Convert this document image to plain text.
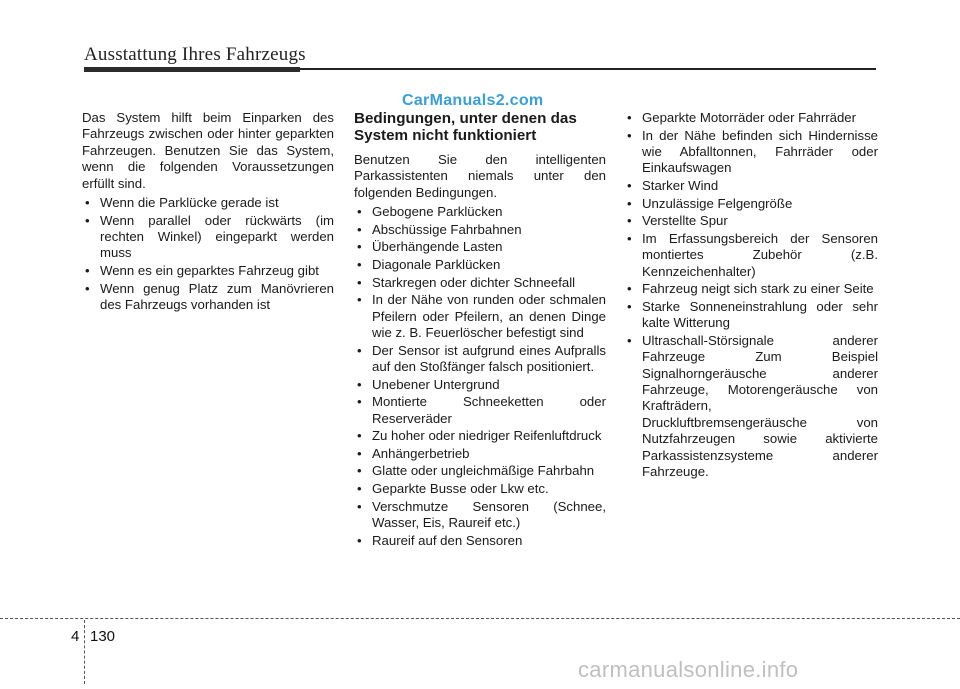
Ausstattung Ihres Fahrzeugs
CarManuals2.com

Das System hilft beim Einparken des Fahrzeugs zwischen oder hinter geparkten Fahrzeugen. Benutzen Sie das System, wenn die folgenden Voraussetzungen erfüllt sind.

• Wenn die Parklücke gerade ist
• Wenn parallel oder rückwärts (im rechten Winkel) eingeparkt werden muss
• Wenn es ein geparktes Fahrzeug gibt
• Wenn genug Platz zum Manövrieren des Fahrzeugs vorhanden ist
Bedingungen, unter denen das System nicht funktioniert

Benutzen Sie den intelligenten Parkassistenten niemals unter den folgenden Bedingungen.

• Gebogene Parklücken
• Abschüssige Fahrbahnen
• Überhängende Lasten
• Diagonale Parklücken
• Starkregen oder dichter Schneefall
• In der Nähe von runden oder schmalen Pfeilern oder Pfeilern, an denen Dinge wie z. B. Feuerlöscher befestigt sind
• Der Sensor ist aufgrund eines Aufpralls auf den Stoßfänger falsch positioniert.
• Unebener Untergrund
• Montierte Schneeketten oder Reserveräder
• Zu hoher oder niedriger Reifenluftdruck
• Anhängerbetrieb
• Glatte oder ungleichmäßige Fahrbahn
• Geparkte Busse oder Lkw etc.
• Verschmutze Sensoren (Schnee, Wasser, Eis, Raureif etc.)
• Raureif auf den Sensoren
• Geparkte Motorräder oder Fahrräder
• In der Nähe befinden sich Hindernisse wie Abfalltonnen, Fahrräder oder Einkaufswagen
• Starker Wind
• Unzulässige Felgengröße
• Verstellte Spur
• Im Erfassungsbereich der Sensoren montiertes Zubehör (z.B. Kennzeichenhalter)
• Fahrzeug neigt sich stark zu einer Seite
• Starke Sonneneinstrahlung oder sehr kalte Witterung
• Ultraschall-Störsignale anderer Fahrzeuge Zum Beispiel Signalhorngeräusche anderer Fahrzeuge, Motorengeräusche von Krafträdern, Druckluftbremsengeräusche von Nutzfahrzeugen sowie aktivierte Parkassistenzsysteme anderer Fahrzeuge.
4 130
carmanualsonline.info
